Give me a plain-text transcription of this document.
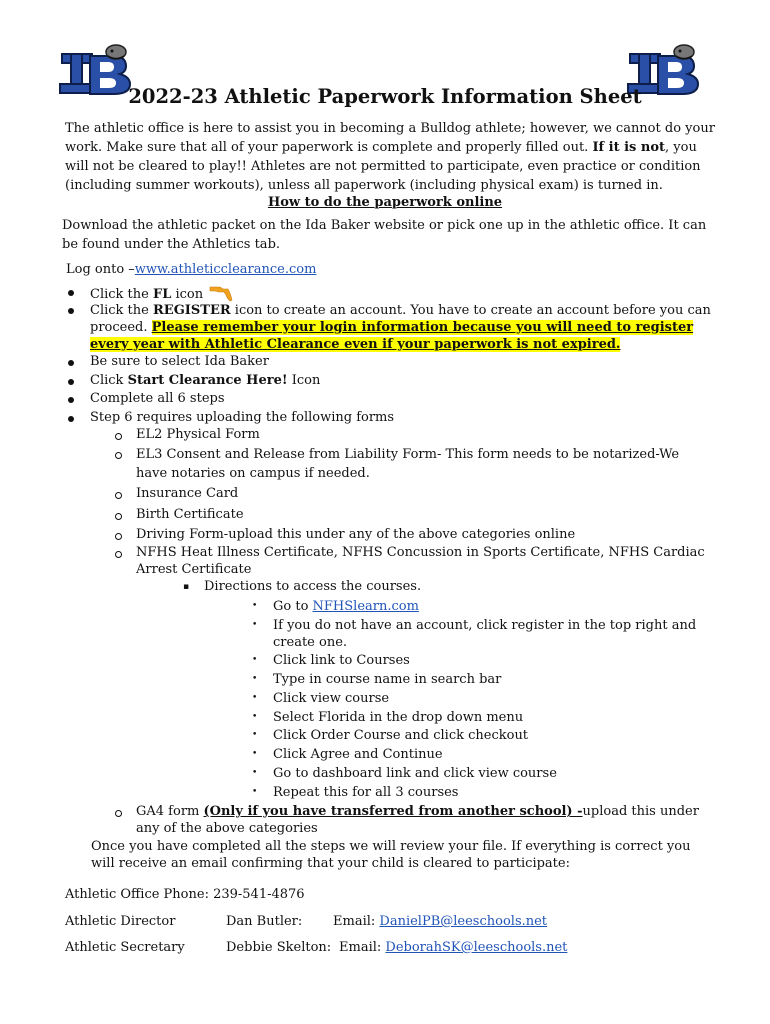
2022-23 Athletic Paperwork Information Sheet
The athletic office is here to assist you in becoming a Bulldog athlete; however, we cannot do your work. Make sure that all of your paperwork is complete and properly filled out. If it is not, you will not be cleared to play!! Athletes are not permitted to participate, even practice or condition (including summer workouts), unless all paperwork (including physical exam) is turned in.
How to do the paperwork online
Download the athletic packet on the Ida Baker website or pick one up in the athletic office. It can be found under the Athletics tab.
Log onto –www.athleticclearance.com
Click the FL icon
Click the REGISTER icon to create an account. You have to create an account before you can proceed. Please remember your login information because you will need to register every year with Athletic Clearance even if your paperwork is not expired.
Be sure to select Ida Baker
Click Start Clearance Here! Icon
Complete all 6 steps
Step 6 requires uploading the following forms
EL2 Physical Form
EL3 Consent and Release from Liability Form- This form needs to be notarized-We have notaries on campus if needed.
Insurance Card
Birth Certificate
Driving Form-upload this under any of the above categories online
NFHS Heat Illness Certificate, NFHS Concussion in Sports Certificate, NFHS Cardiac Arrest Certificate
▪ Directions to access the courses.
• Go to NFHSlearn.com
• If you do not have an account, click register in the top right and create one.
• Click link to Courses
• Type in course name in search bar
• Click view course
• Select Florida in the drop down menu
• Click Order Course and click checkout
• Click Agree and Continue
• Go to dashboard link and click view course
• Repeat this for all 3 courses
GA4 form (Only if you have transferred from another school) -upload this under any of the above categories
Once you have completed all the steps we will review your file. If everything is correct you will receive an email confirming that your child is cleared to participate:
Athletic Office Phone: 239-541-4876
Athletic Director	Dan Butler: Email: DanielPB@leeschools.net
Athletic Secretary	Debbie Skelton: Email: DeborahSK@leeschools.net
